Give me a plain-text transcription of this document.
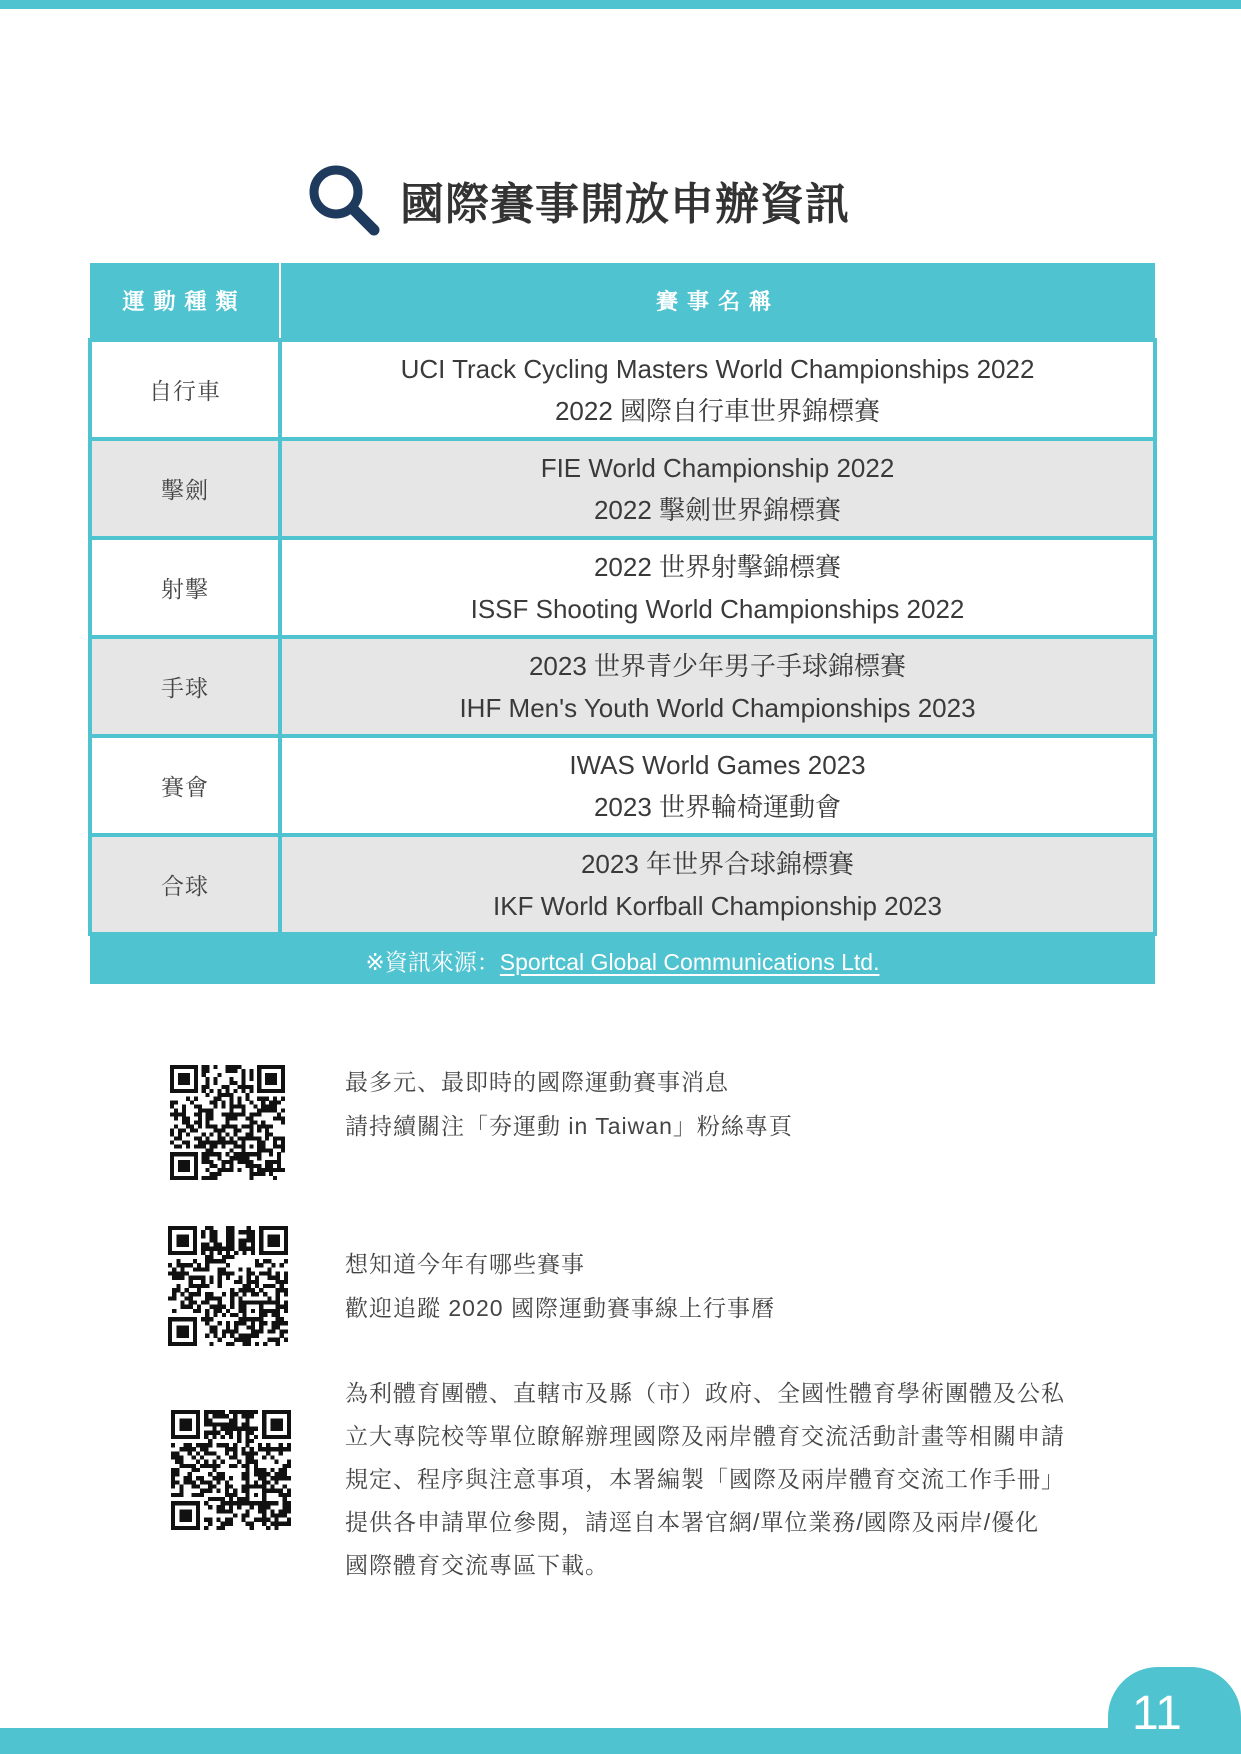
國際賽事開放申辦資訊
運動種類	賽事名稱
自行車	UCI Track Cycling Masters World Championships 2022
2022 國際自行車世界錦標賽

擊劍	FIE World Championship 2022
2022 擊劍世界錦標賽

射擊	2022 世界射擊錦標賽
ISSF Shooting World Championships 2022

手球	2023 世界青少年男子手球錦標賽
IHF Men's Youth World Championships 2023

賽會	IWAS World Games 2023
2023 世界輪椅運動會

合球	2023 年世界合球錦標賽
IKF World Korfball Championship 2023

※資訊來源：Sportcal Global Communications Ltd.	
最多元、最即時的國際運動賽事消息
請持續關注「夯運動 in Taiwan」粉絲專頁
想知道今年有哪些賽事
歡迎追蹤 2020 國際運動賽事線上行事曆
為利體育團體、直轄市及縣（市）政府、全國性體育學術團體及公私
立大專院校等單位瞭解辦理國際及兩岸體育交流活動計畫等相關申請
規定、程序與注意事項，本署編製「國際及兩岸體育交流工作手冊」
提供各申請單位參閱，請逕自本署官網/單位業務/國際及兩岸/優化
國際體育交流專區下載。
11
